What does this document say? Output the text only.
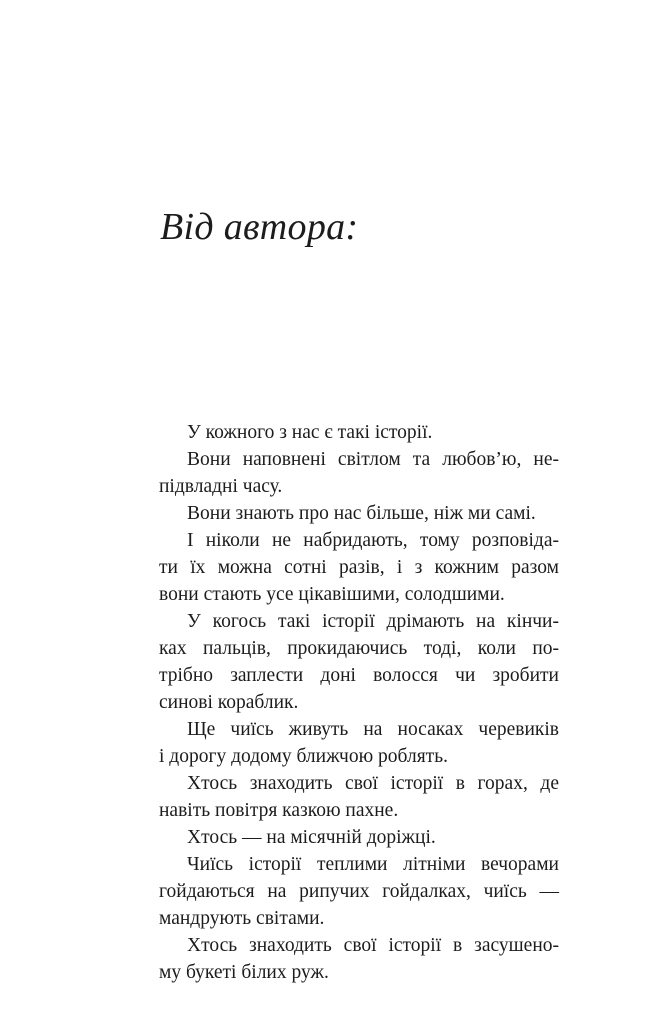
Від автора:
У кожного з нас є такі історії.
Вони наповнені світлом та любов’ю, не-
підвладні часу.
Вони знають про нас більше, ніж ми самі.
І ніколи не набридають, тому розповіда-
ти їх можна сотні разів, і з кожним разом
вони стають усе цікавішими, солодшими.
У когось такі історії дрімають на кінчи-
ках пальців, прокидаючись тоді, коли по-
трібно заплести доні волосся чи зробити
синові кораблик.
Ще чиїсь живуть на носаках черевиків
і дорогу додому ближчою роблять.
Хтось знаходить свої історії в горах, де
навіть повітря казкою пахне.
Хтось — на місячній доріжці.
Чиїсь історії теплими літніми вечорами
гойдаються на рипучих гойдалках, чиїсь —
мандрують світами.
Хтось знаходить свої історії в засушено-
му букеті білих руж.
